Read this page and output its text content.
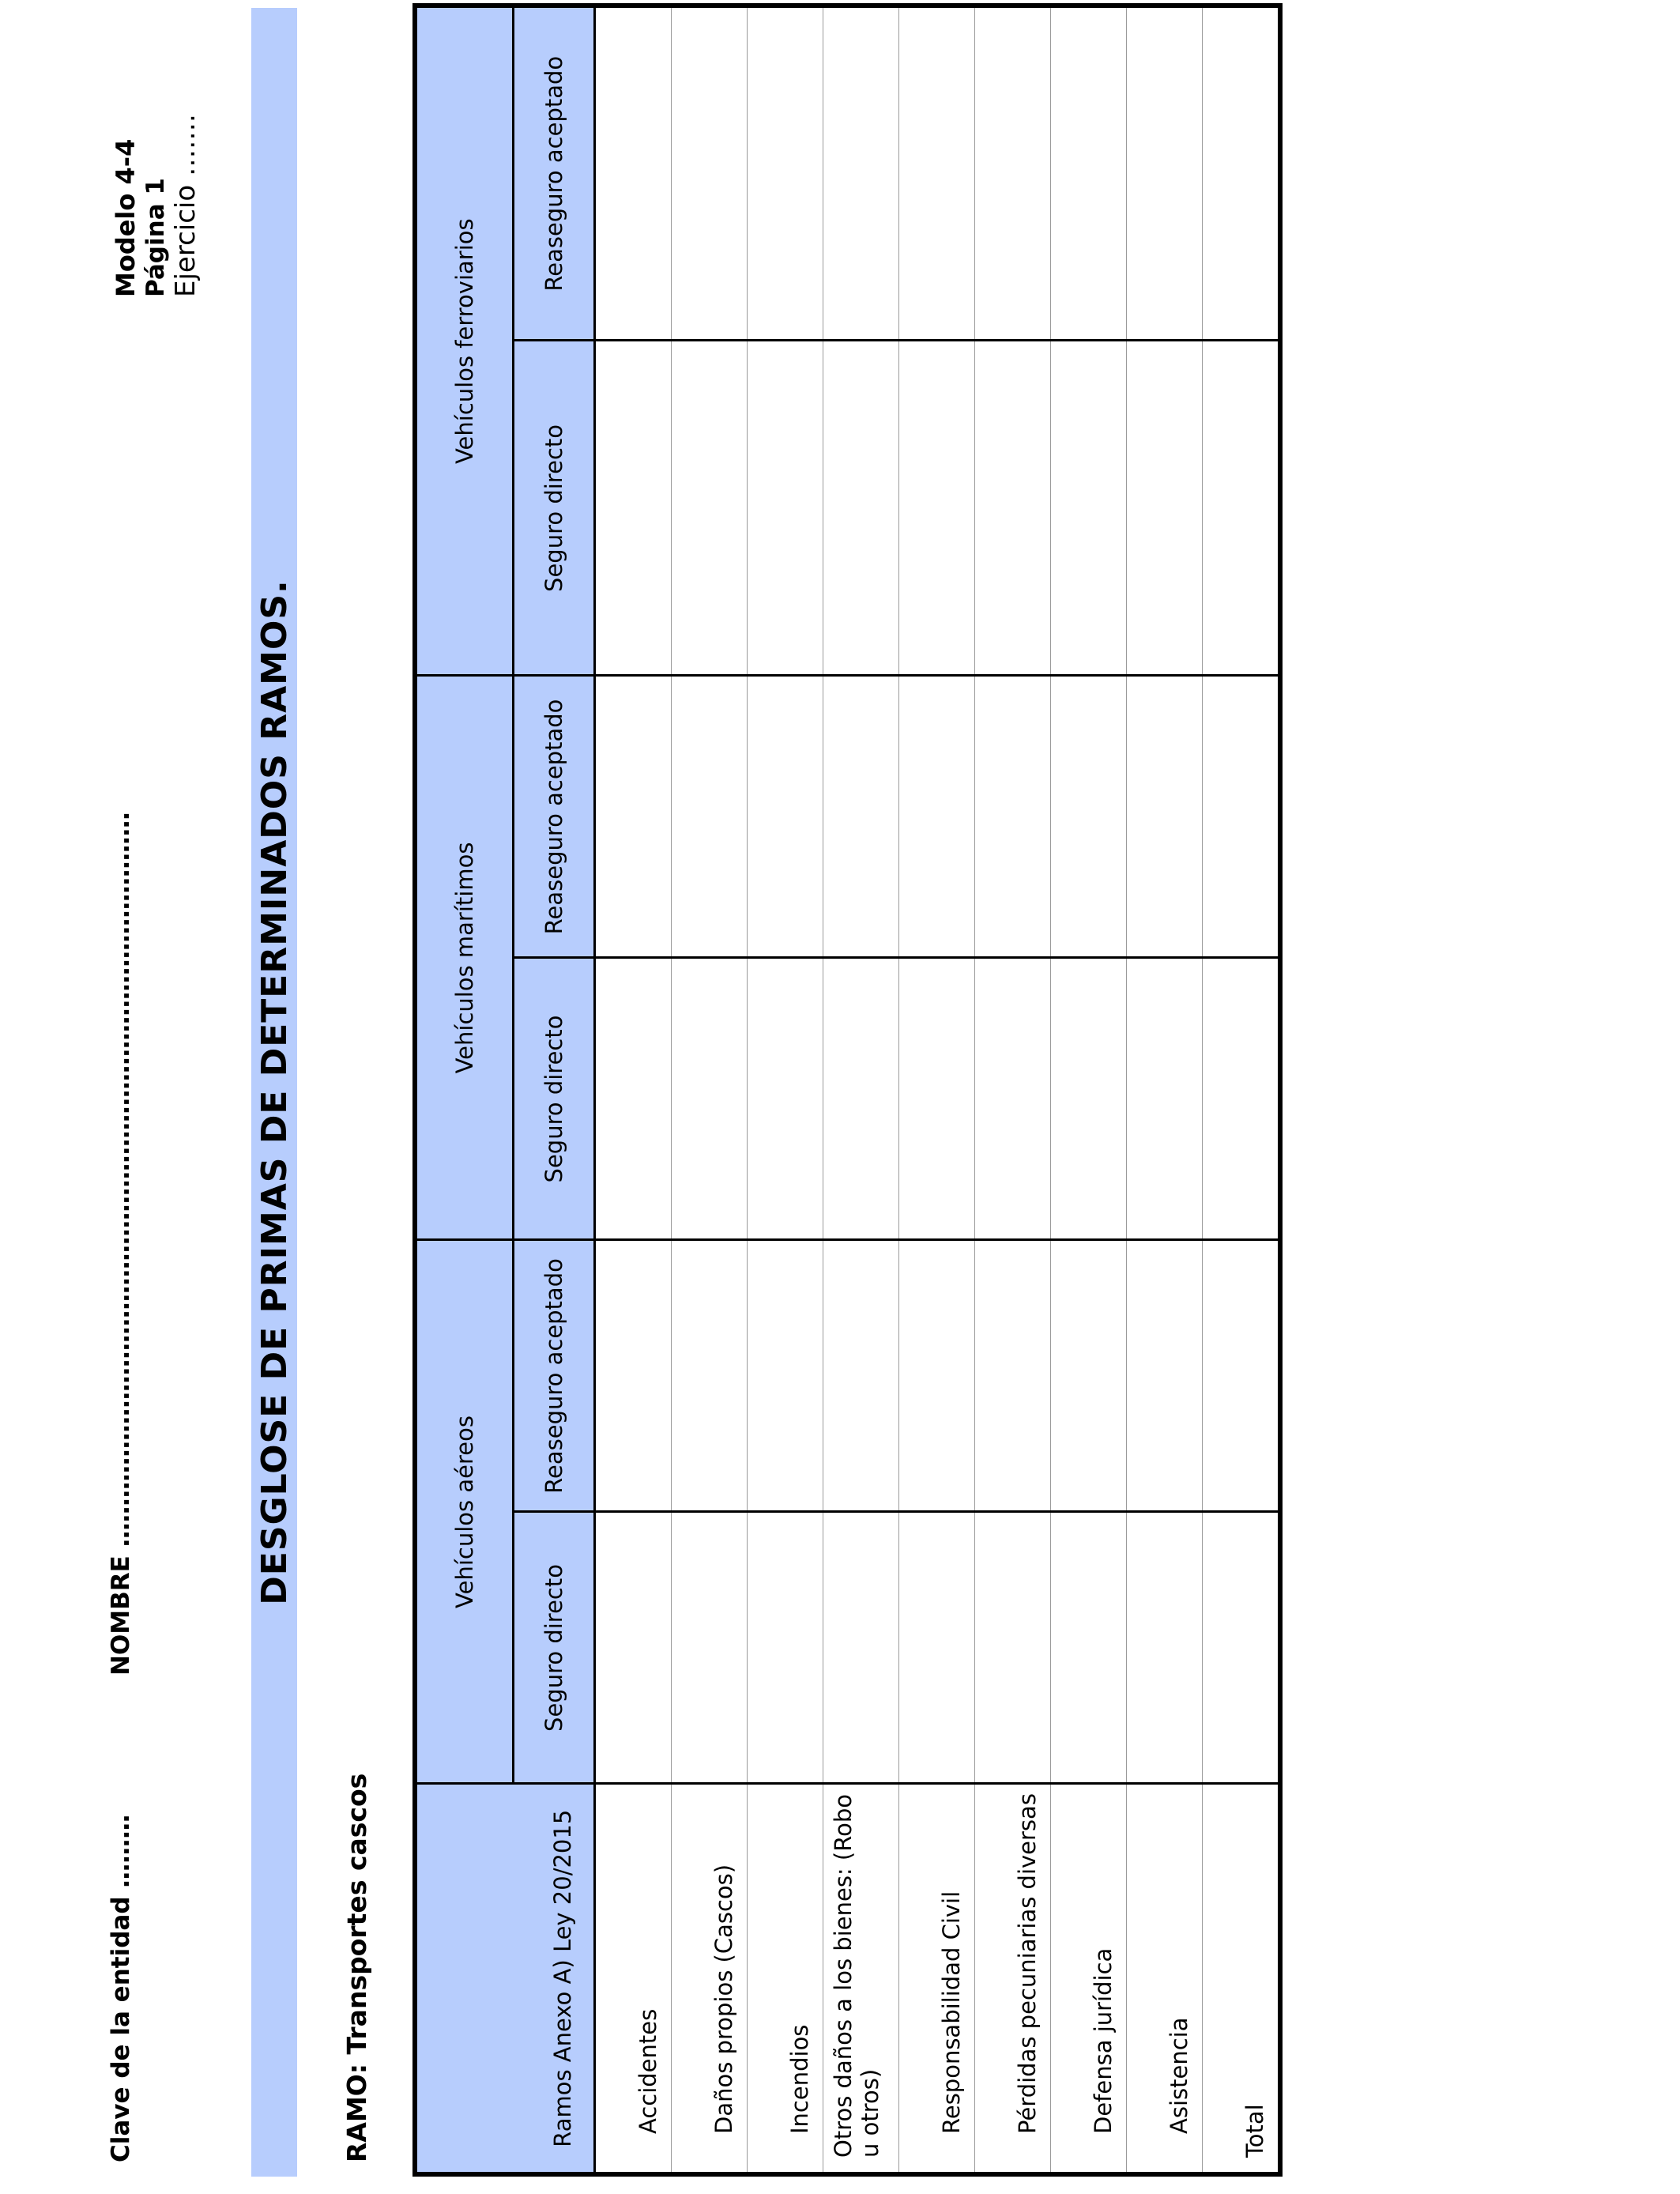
Clave de la entidad ………
NOMBRE ………………………………………………………………………………
Modelo 4-4 Página 1 Ejercicio …….
DESGLOSE DE PRIMAS DE DETERMINADOS RAMOS.
RAMO: Transportes cascos	Ramos Anexo A) Ley 20/2015	Vehículos aéreos		Vehículos marítimos		Vehículos ferroviarios	
	Seguro directo	Reaseguro aceptado	Seguro directo	Reaseguro aceptado	Seguro directo	Reaseguro aceptado
Accidentes						
Daños propios (Cascos)						
Incendios						
Otros daños a los bienes: (Robo u otros)						
Responsabilidad Civil						
Pérdidas pecuniarias diversas						
Defensa jurídica						
Asistencia						
Total						
